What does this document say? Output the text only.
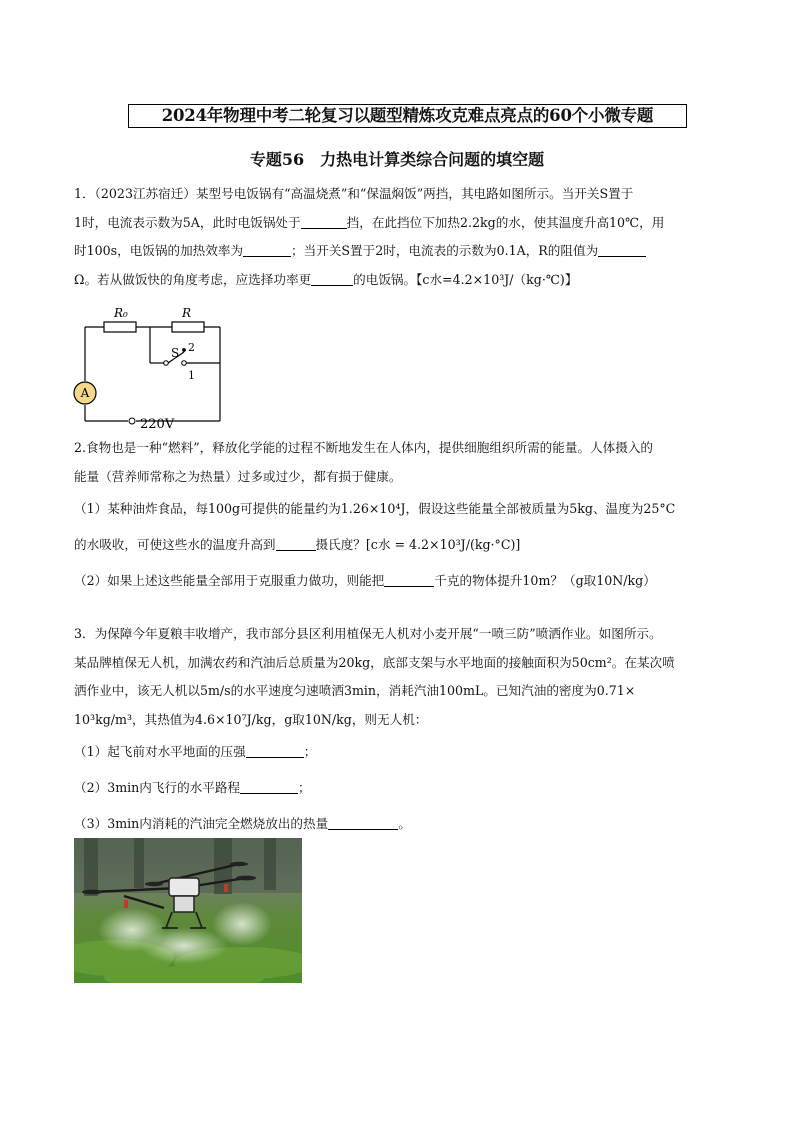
2024年物理中考二轮复习以题型精炼攻克难点亮点的60个小微专题
专题56　力热电计算类综合问题的填空题
1．（2023江苏宿迁）某型号电饭锅有“高温烧煮”和“保温焖饭”两挡，其电路如图所示。当开关S置于
1时，电流表示数为5A，此时电饭锅处于	挡，在此挡位下加热2.2kg的水，使其温度升高10℃，用
时100s，电饭锅的加热效率为	；当开关S置于2时，电流表的示数为0.1A，R的阻值为
Ω。若从做饭快的角度考虑，应选择功率更	的电饭锅。【c水=4.2×10³J/（kg·℃)】
R₀	R
S 2
1
A
220V
2.食物也是一种“燃料”，释放化学能的过程不断地发生在人体内，提供细胞组织所需的能量。人体摄入的
能量（营养师常称之为热量）过多或过少，都有损于健康。
（1）某种油炸食品，每100g可提供的能量约为1.26×10⁴J，假设这些能量全部被质量为5kg、温度为25°C
的水吸收，可使这些水的温度升高到	摄氏度？[c水 = 4.2×10³J/(kg·°C)]
（2）如果上述这些能量全部用于克服重力做功，则能把	千克的物体提升10m？（g取10N/kg）
3．为保障今年夏粮丰收增产，我市部分县区利用植保无人机对小麦开展“一喷三防”喷洒作业。如图所示。
某品牌植保无人机，加满农药和汽油后总质量为20kg，底部支架与水平地面的接触面积为50cm²。在某次喷
洒作业中，该无人机以5m/s的水平速度匀速喷洒3min，消耗汽油100mL。已知汽油的密度为0.71×
10³kg/m³，其热值为4.6×10⁷J/kg，g取10N/kg，则无人机：
（1）起飞前对水平地面的压强	；
（2）3min内飞行的水平路程	；
（3）3min内消耗的汽油完全燃烧放出的热量	。
